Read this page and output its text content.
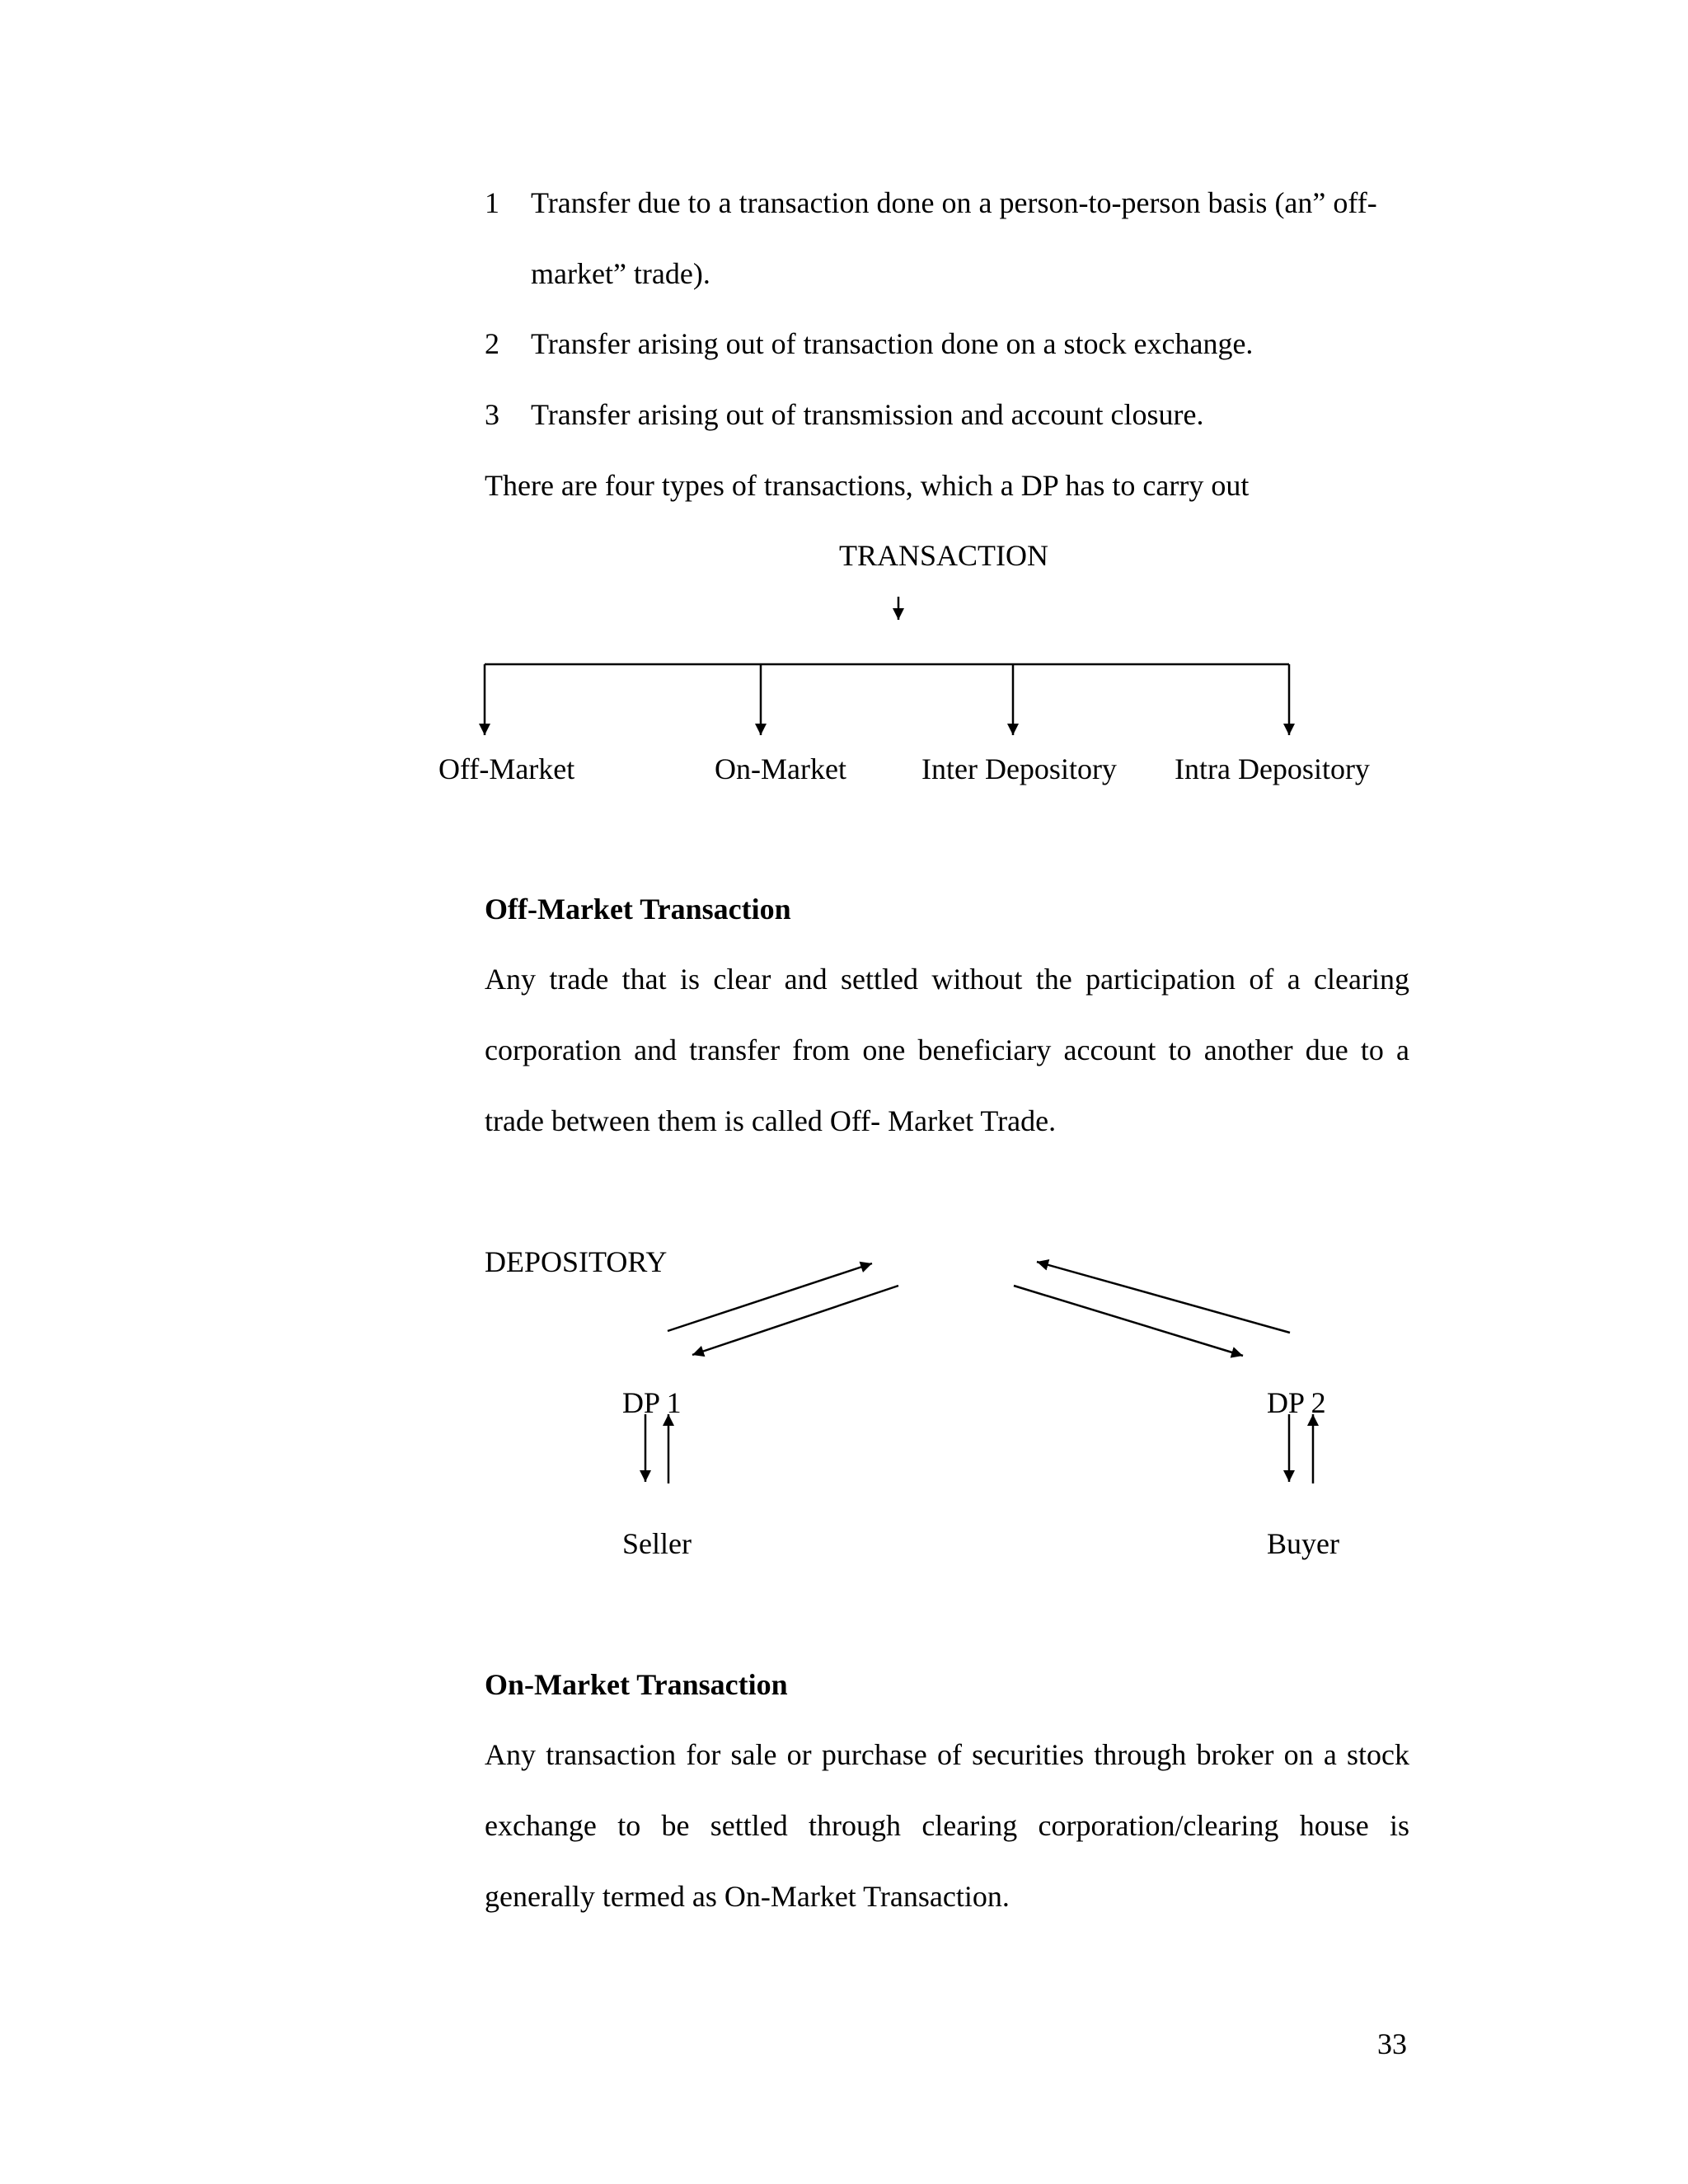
1 Transfer due to a transaction done on a person-to-person basis (an” off-
market” trade).
2 Transfer arising out of transaction done on a stock exchange.
3 Transfer arising out of transmission and account closure.
There are four types of transactions, which a DP has to carry out
TRANSACTION
Off-Market	On-Market	Inter Depository Intra Depository
Off-Market Transaction
Any trade that is clear and settled without the participation of a clearing
corporation and transfer from one beneficiary account to another due to a
trade between them is called Off- Market Trade.
DEPOSITORY
DP 1	DP 2
Seller	Buyer
On-Market Transaction
Any transaction for sale or purchase of securities through broker on a stock
exchange to be settled through clearing corporation/clearing house is
generally termed as On-Market Transaction.
33
